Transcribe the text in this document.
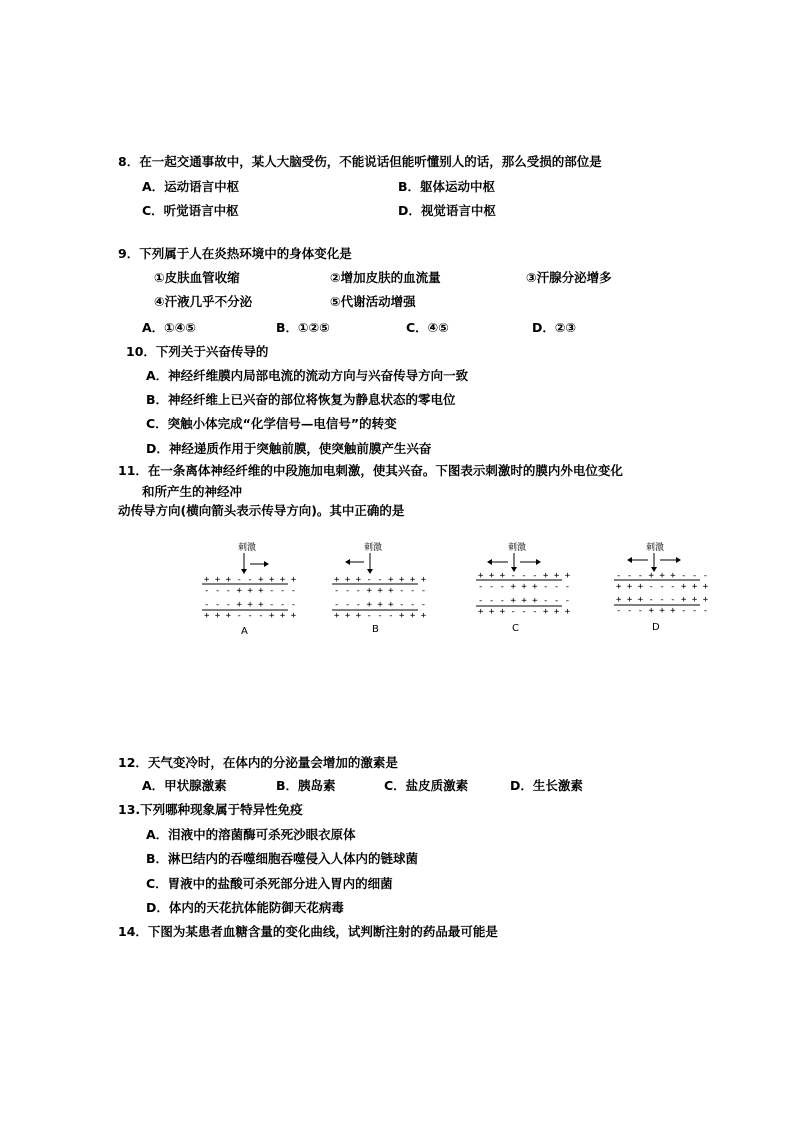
8．在一起交通事故中，某人大脑受伤，不能说话但能听懂别人的话，那么受损的部位是
A．运动语言中枢	B．躯体运动中枢
C．听觉语言中枢	D．视觉语言中枢
9．下列属于人在炎热环境中的身体变化是
①皮肤血管收缩	②增加皮肤的血流量	③汗腺分泌增多
④汗液几乎不分泌	⑤代谢活动增强
A．①④⑤	B．①②⑤	C．④⑤	D．②③
10．下列关于兴奋传导的
A．神经纤维膜内局部电流的流动方向与兴奋传导方向一致
B．神经纤维上已兴奋的部位将恢复为静息状态的零电位
C．突触小体完成“化学信号—电信号”的转变
D．神经递质作用于突触前膜，使突触前膜产生兴奋
11．在一条离体神经纤维的中段施加电刺激，使其兴奋。下图表示刺激时的膜内外电位变化
和所产生的神经冲
动传导方向(横向箭头表示传导方向)。其中正确的是
刺激
+ + + - - + + + +
- - - + + + - - -
- - - + + + - - -
+ + + - - - + + +
A
刺激
+ + + - - + + + +
- - - + + + - - -
- - - + + + - - -
+ + + - - - + + +
B
刺激
+ + + - - - + + +
- - - + + + - - -
- - - + + + - - -
+ + + - - - + + +
C
刺激
- - - + + + - - -
+ + + - - - + + +
+ + + - - - + + +
- - - + + + - - -
D
12．天气变冷时，在体内的分泌量会增加的激素是
A．甲状腺激素	B．胰岛素	C．盐皮质激素	D．生长激素
13.下列哪种现象属于特异性免疫
A．泪液中的溶菌酶可杀死沙眼衣原体
B．淋巴结内的吞噬细胞吞噬侵入人体内的链球菌
C．胃液中的盐酸可杀死部分进入胃内的细菌
D．体内的天花抗体能防御天花病毒
14．下图为某患者血糖含量的变化曲线，试判断注射的药品最可能是
